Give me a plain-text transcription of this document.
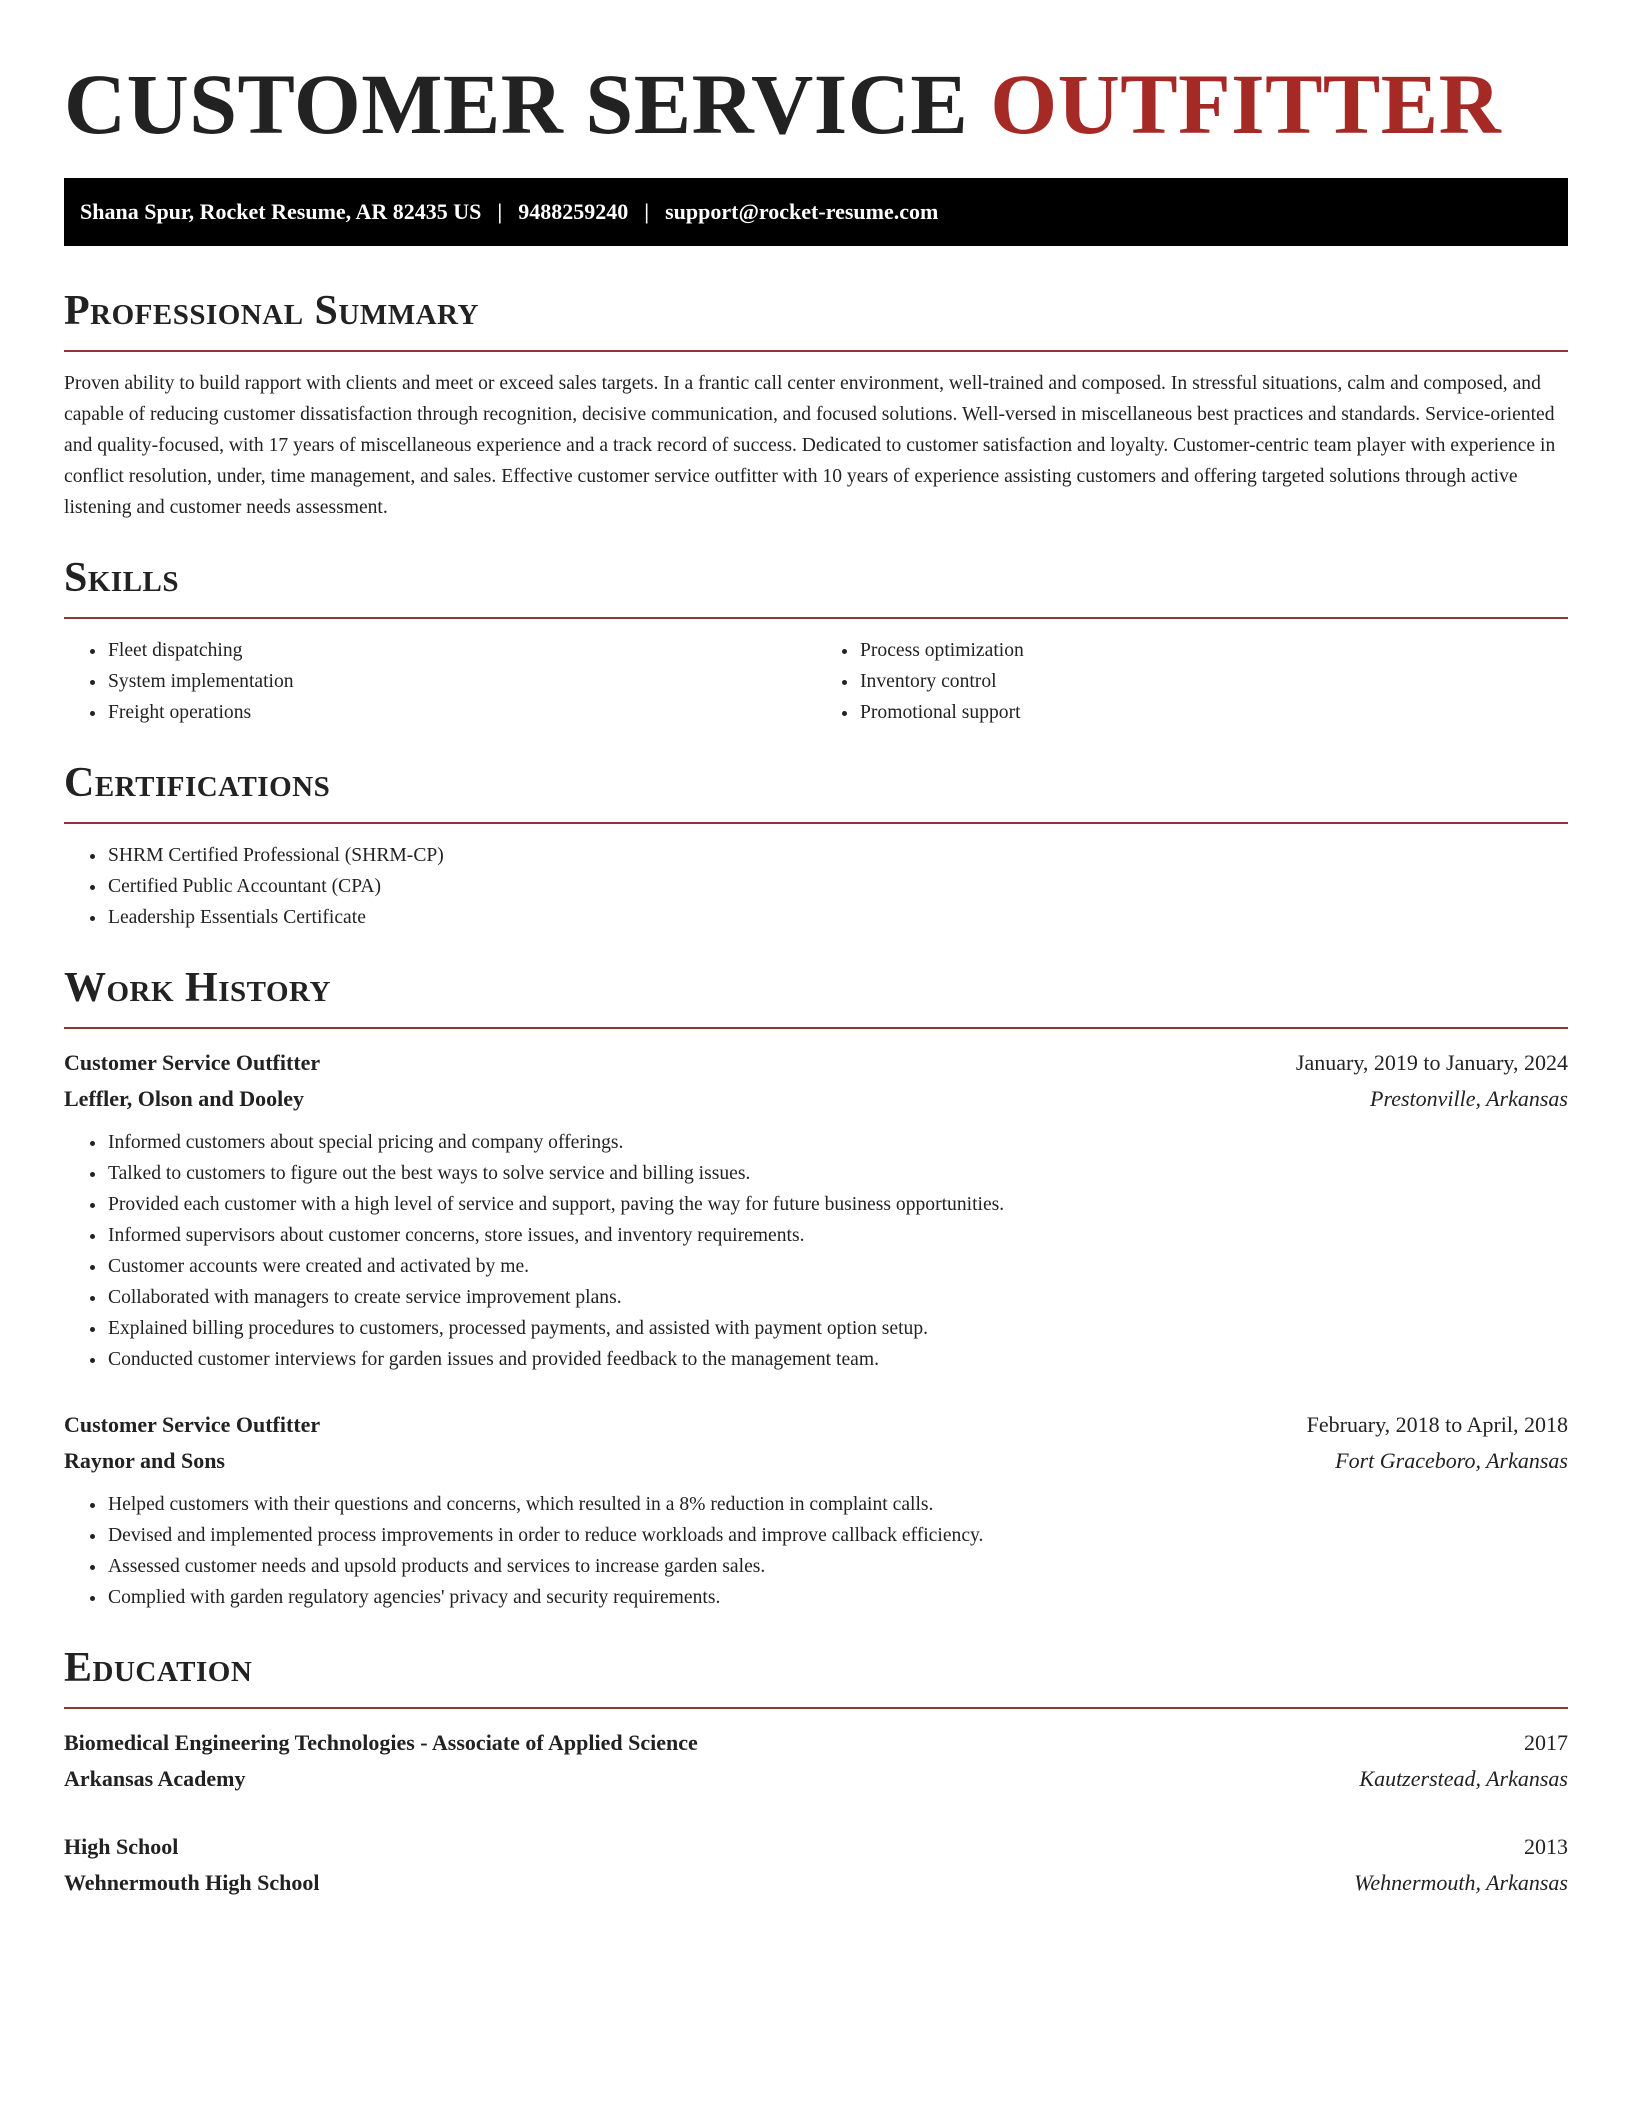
CUSTOMER SERVICE OUTFITTER
Shana Spur, Rocket Resume, AR 82435 US | 9488259240 | support@rocket-resume.com
Professional Summary

Proven ability to build rapport with clients and meet or exceed sales targets. In a frantic call center environment, well-trained and composed. In stressful situations, calm and composed, and capable of reducing customer dissatisfaction through recognition, decisive communication, and focused solutions. Well-versed in miscellaneous best practices and standards. Service-oriented and quality-focused, with 17 years of miscellaneous experience and a track record of success. Dedicated to customer satisfaction and loyalty. Customer-centric team player with experience in conflict resolution, under, time management, and sales. Effective customer service outfitter with 10 years of experience assisting customers and offering targeted solutions through active listening and customer needs assessment.

Skills
• Fleet dispatching
• System implementation
• Freight operations
• Process optimization
• Inventory control
• Promotional support
Certifications
• SHRM Certified Professional (SHRM-CP)
• Certified Public Accountant (CPA)
• Leadership Essentials Certificate
Work History
Customer Service Outfitter	January, 2019 to January, 2024
Leffler, Olson and Dooley	Prestonville, Arkansas
• Informed customers about special pricing and company offerings.
• Talked to customers to figure out the best ways to solve service and billing issues.
• Provided each customer with a high level of service and support, paving the way for future business opportunities.
• Informed supervisors about customer concerns, store issues, and inventory requirements.
• Customer accounts were created and activated by me.
• Collaborated with managers to create service improvement plans.
• Explained billing procedures to customers, processed payments, and assisted with payment option setup.
• Conducted customer interviews for garden issues and provided feedback to the management team.
Customer Service Outfitter	February, 2018 to April, 2018
Raynor and Sons	Fort Graceboro, Arkansas
• Helped customers with their questions and concerns, which resulted in a 8% reduction in complaint calls.
• Devised and implemented process improvements in order to reduce workloads and improve callback efficiency.
• Assessed customer needs and upsold products and services to increase garden sales.
• Complied with garden regulatory agencies' privacy and security requirements.
Education
Biomedical Engineering Technologies - Associate of Applied Science	2017
Arkansas Academy	Kautzerstead, Arkansas
High School	2013
Wehnermouth High School	Wehnermouth, Arkansas
